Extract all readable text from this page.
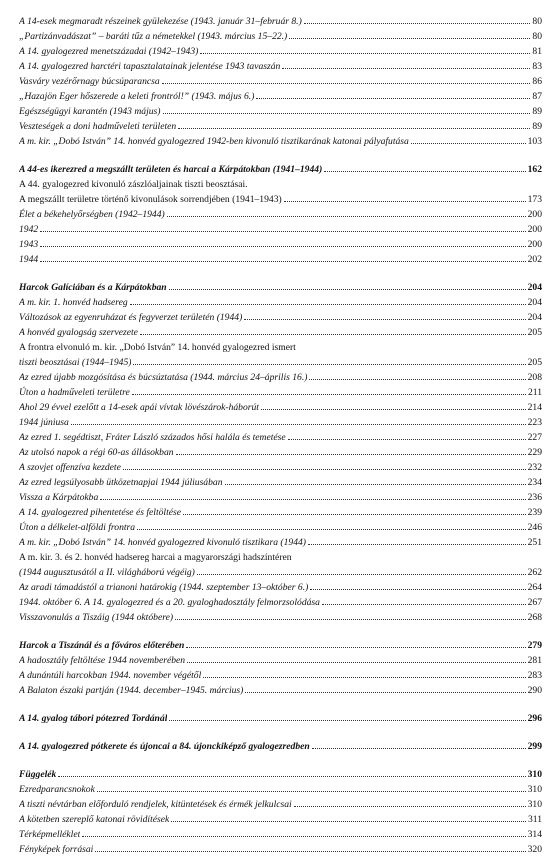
A 14-esek megmaradt részeinek gyülekezése (1943. január 31–február 8.)	80
„Partizánvadászat” – baráti tűz a németekkel (1943. március 15–22.)	80
A 14. gyalogezred menetszázadai (1942–1943)	81
A 14. gyalogezred harctéri tapasztalatainak jelentése 1943 tavaszán	83
Vasváry vezérőrnagy búcsúparancsa	86
„Hazajön Eger hőszerede a keleti frontról!” (1943. május 6.)	87
Egészségügyi karantén (1943 május)	89
Veszteségek a doni hadműveleti területen	89
A m. kir. „Dobó István” 14. honvéd gyalogezred 1942-ben kivonuló tisztikarának katonai pályafutása	103
A 44-es ikerezred a megszállt területen és harcai a Kárpátokban (1941–1944)	162
A 44. gyalogezred kivonuló zászlóaljainak tiszti beosztásai.
A megszállt területre történő kivonulások sorrendjében (1941–1943)	173
Élet a békehelyőrségben (1942–1944)	200
1942	200
1943	200
1944	202
Harcok Galíciában és a Kárpátokban	204
A m. kir. 1. honvéd hadsereg	204
Változások az egyenruházat és fegyverzet területén (1944)	204
A honvéd gyalogság szervezete	205
A frontra elvonuló m. kir. „Dobó István” 14. honvéd gyalogezred ismert
tiszti beosztásai (1944–1945)	205
Az ezred újabb mozgósítása és búcsúztatása (1944. március 24–április 16.)	208
Úton a hadműveleti területre	211
Ahol 29 évvel ezelőtt a 14-esek apái vívtak lövészárok-háborút	214
1944 júniusa	223
Az ezred 1. segédtiszt, Fráter László százados hősi halála és temetése	227
Az utolsó napok a régi 60-as állásokban	229
A szovjet offenzíva kezdete	232
Az ezred legsúlyosabb ütközetnapjai 1944 júliusában	234
Vissza a Kárpátokba	236
A 14. gyalogezred pihentetése és feltöltése	239
Úton a délkelet-alföldi frontra	246
A m. kir. „Dobó István” 14. honvéd gyalogezred kivonuló tisztikara (1944)	251
A m. kir. 3. és 2. honvéd hadsereg harcai a magyarországi hadszíntéren
(1944 augusztusától a II. világháború végéig)	262
Az aradi támadástól a trianoni határokig (1944. szeptember 13–október 6.)	264
1944. október 6. A 14. gyalogezred és a 20. gyaloghadosztály felmorzsolódása	267
Visszavonulás a Tiszáig (1944 októbere)	268
Harcok a Tiszánál és a főváros előterében	279
A hadosztály feltöltése 1944 novemberében	281
A dunántúli harcokban 1944. november végétől	283
A Balaton északi partján (1944. december–1945. március)	290
A 14. gyalog tábori pótezred Tordánál	296
A 14. gyalogezred pótkerete és újoncai a 84. újonckiképző gyalogezredben	299
Függelék	310
Ezredparancsnokok	310
A tiszti névtárban előforduló rendjelek, kitüntetések és érmék jelkulcsai	310
A kötetben szereplő katonai rövidítések	311
Térképmelléklet	314
Fényképek forrásai	320
